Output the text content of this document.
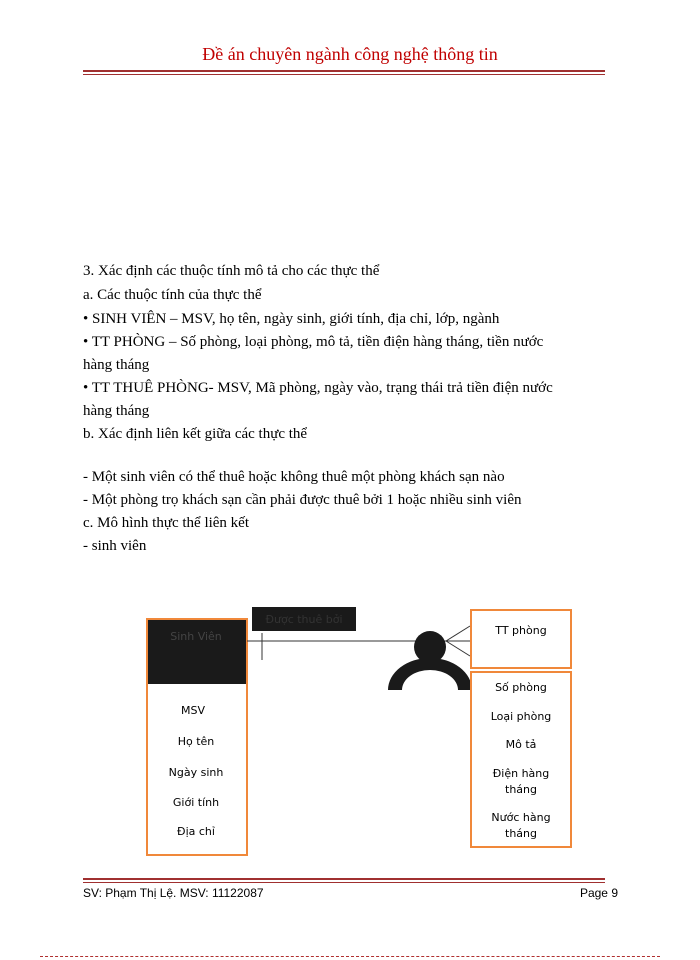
Đề án chuyên ngành công nghệ thông tin
3. Xác định các thuộc tính mô tả cho các thực thể
a. Các thuộc tính của thực thể
• SINH VIÊN – MSV, họ tên, ngày sinh, giới tính, địa chỉ, lớp, ngành
• TT PHÒNG – Số phòng, loại phòng, mô tả, tiền điện hàng tháng, tiền nước
hàng tháng
• TT THUÊ PHÒNG- MSV, Mã phòng, ngày vào, trạng thái trả tiền điện nước
hàng tháng
b. Xác định liên kết giữa các thực thể
- Một sinh viên có thể thuê hoặc không thuê một phòng khách sạn nào
- Một phòng trọ khách sạn cần phải được thuê bởi 1 hoặc nhiều sinh viên
c. Mô hình thực thể liên kết
- sinh viên
Sinh Viên
MSV
Họ tên
Ngày sinh
Giới tính
Địa chỉ
Được thuê bởi
TT phòng
Số phòng
Loại phòng
Mô tả
Điện hàng
tháng
Nước hàng
tháng
SV: Phạm Thị Lệ. MSV: 11122087	Page 9
